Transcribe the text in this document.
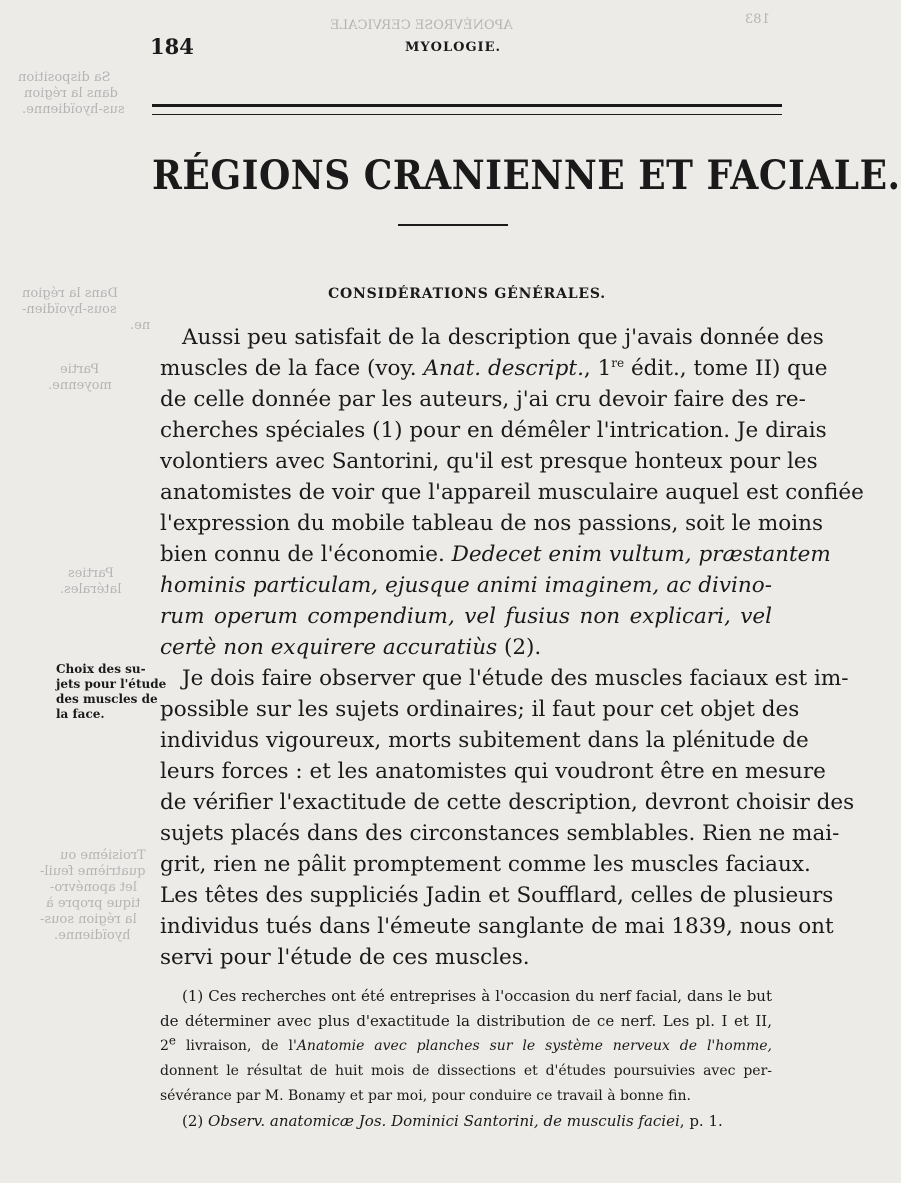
Sa disposition
dans la région
sus-hyoïdienne.
Dans la région
sous-hyoïdien-
ne.
Partie
moyenne.
Parties
latérales.
Troisième ou
quatrième feuil-
let aponévro-
tique propre à
la région sous-
hyoïdienne.
APONÉVROSE CERVICALE	183
184	MYOLOGIE.
RÉGIONS CRANIENNE ET FACIALE.
CONSIDÉRATIONS GÉNÉRALES.
Aussi peu satisfait de la description que j'avais donnée des
muscles de la face (voy. Anat. descript., 1re édit., tome II) que
de celle donnée par les auteurs, j'ai cru devoir faire des re-
cherches spéciales (1) pour en démêler l'intrication. Je dirais
volontiers avec Santorini, qu'il est presque honteux pour les
anatomistes de voir que l'appareil musculaire auquel est confiée
l'expression du mobile tableau de nos passions, soit le moins
bien connu de l'économie. Dedecet enim vultum, præstantem
hominis particulam, ejusque animi imaginem, ac divino-
rum operum compendium, vel fusius non explicari, vel
certè non exquirere accuratiùs (2).
Je dois faire observer que l'étude des muscles faciaux est im-
possible sur les sujets ordinaires; il faut pour cet objet des
individus vigoureux, morts subitement dans la plénitude de
leurs forces : et les anatomistes qui voudront être en mesure
de vérifier l'exactitude de cette description, devront choisir des
sujets placés dans des circonstances semblables. Rien ne mai-
grit, rien ne pâlit promptement comme les muscles faciaux.
Les têtes des suppliciés Jadin et Soufflard, celles de plusieurs
individus tués dans l'émeute sanglante de mai 1839, nous ont
servi pour l'étude de ces muscles.
Choix des su-
jets pour l'étude
des muscles de
la face.
(1) Ces recherches ont été entreprises à l'occasion du nerf facial, dans le but
de déterminer avec plus d'exactitude la distribution de ce nerf. Les pl. I et II,
2e livraison, de l'Anatomie avec planches sur le système nerveux de l'homme,
donnent le résultat de huit mois de dissections et d'études poursuivies avec per-
sévérance par M. Bonamy et par moi, pour conduire ce travail à bonne fin.
(2) Observ. anatomicæ Jos. Dominici Santorini, de musculis faciei, p. 1.
